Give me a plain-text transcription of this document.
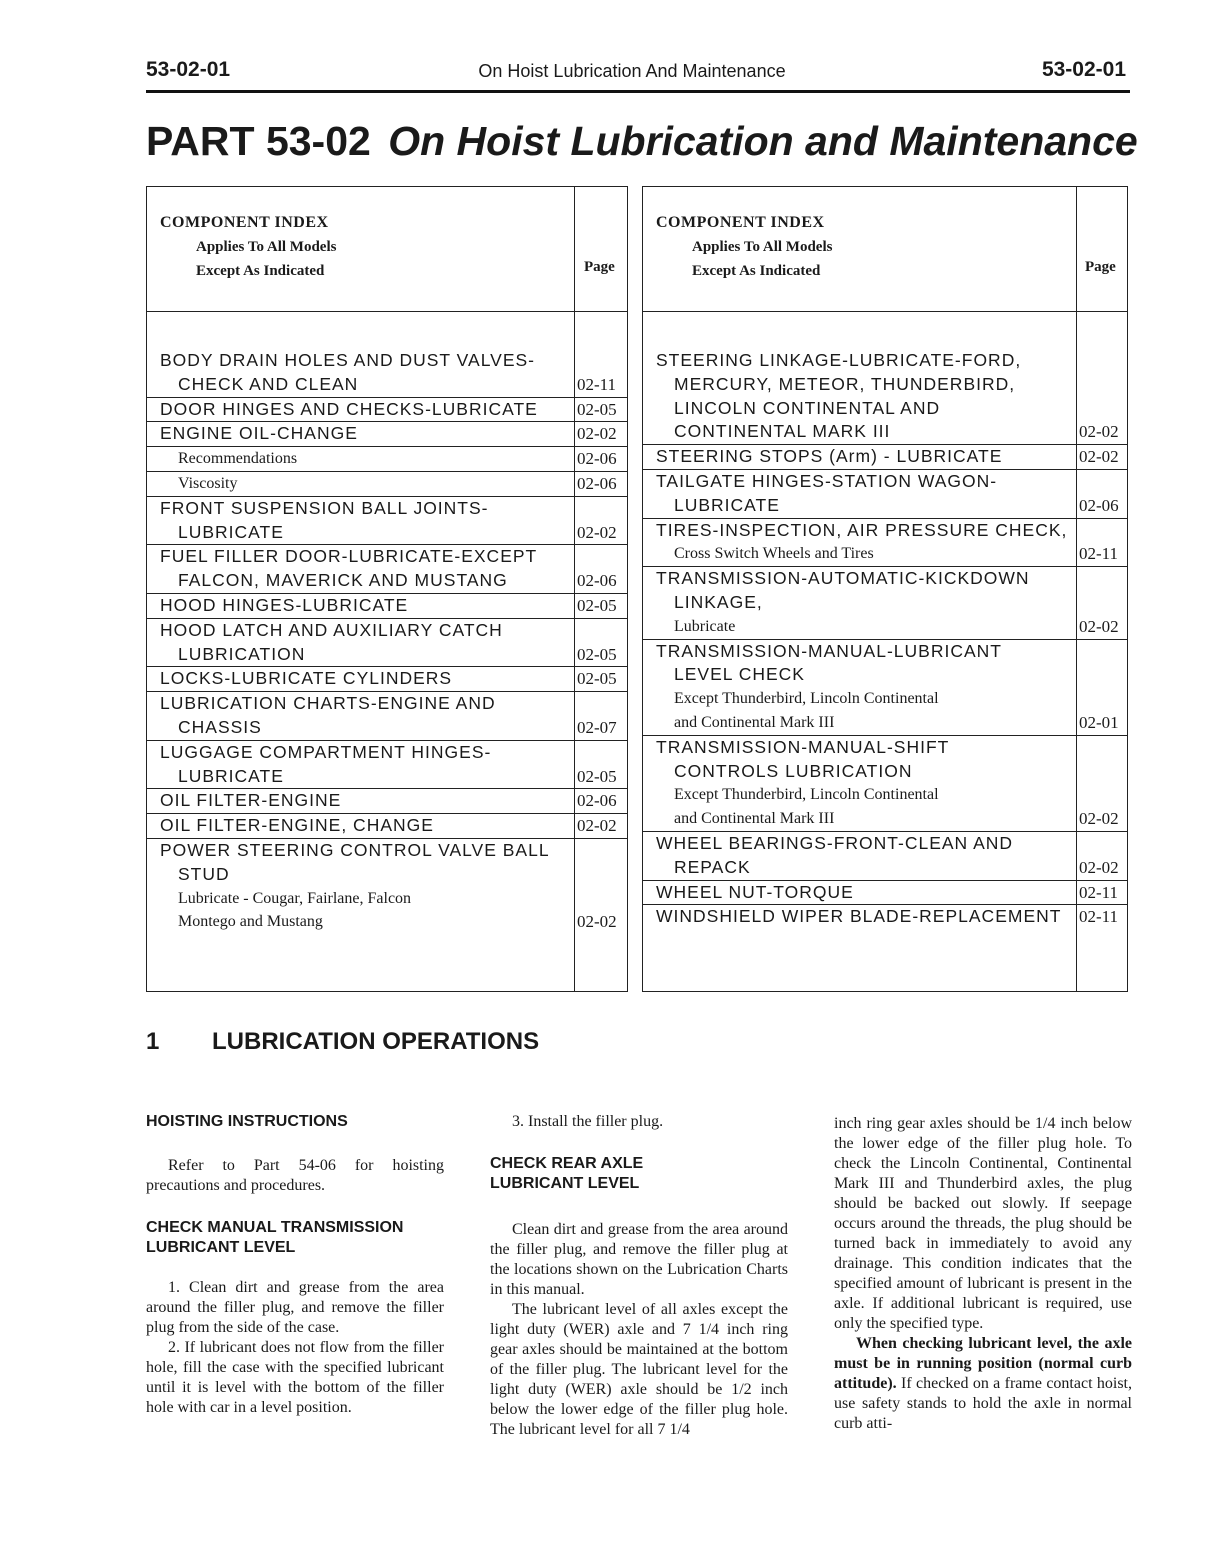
53-02-01	On Hoist Lubrication And Maintenance	53-02-01
PART 53-02 On Hoist Lubrication and Maintenance
COMPONENT INDEX
Applies To All Models
Except As Indicated	Page
BODY DRAIN HOLES AND DUST VALVES-
CHECK AND CLEAN	02-11
DOOR HINGES AND CHECKS-LUBRICATE	02-05
ENGINE OIL-CHANGE	02-02
Recommendations	02-06
Viscosity	02-06
FRONT SUSPENSION BALL JOINTS-
LUBRICATE	02-02
FUEL FILLER DOOR-LUBRICATE-EXCEPT
FALCON, MAVERICK AND MUSTANG	02-06
HOOD HINGES-LUBRICATE	02-05
HOOD LATCH AND AUXILIARY CATCH
LUBRICATION	02-05
LOCKS-LUBRICATE CYLINDERS	02-05
LUBRICATION CHARTS-ENGINE AND
CHASSIS	02-07
LUGGAGE COMPARTMENT HINGES-
LUBRICATE	02-05
OIL FILTER-ENGINE	02-06
OIL FILTER-ENGINE, CHANGE	02-02
POWER STEERING CONTROL VALVE BALL
STUD
Lubricate - Cougar, Fairlane, Falcon
Montego and Mustang	02-02
COMPONENT INDEX
Applies To All Models
Except As Indicated	Page
STEERING LINKAGE-LUBRICATE-FORD,
MERCURY, METEOR, THUNDERBIRD,
LINCOLN CONTINENTAL AND
CONTINENTAL MARK III	02-02
STEERING STOPS (Arm) - LUBRICATE	02-02
TAILGATE HINGES-STATION WAGON-
LUBRICATE	02-06
TIRES-INSPECTION, AIR PRESSURE CHECK,
Cross Switch Wheels and Tires	02-11
TRANSMISSION-AUTOMATIC-KICKDOWN
LINKAGE,
Lubricate	02-02
TRANSMISSION-MANUAL-LUBRICANT
LEVEL CHECK
Except Thunderbird, Lincoln Continental
and Continental Mark III	02-01
TRANSMISSION-MANUAL-SHIFT
CONTROLS LUBRICATION
Except Thunderbird, Lincoln Continental
and Continental Mark III	02-02
WHEEL BEARINGS-FRONT-CLEAN AND
REPACK	02-02
WHEEL NUT-TORQUE	02-11
WINDSHIELD WIPER BLADE-REPLACEMENT	02-11
1 LUBRICATION OPERATIONS
HOISTING INSTRUCTIONS

Refer to Part 54-06 for hoisting precautions and procedures.

CHECK MANUAL TRANSMISSION LUBRICANT LEVEL

1. Clean dirt and grease from the area around the filler plug, and remove the filler plug from the side of the case.

2. If lubricant does not flow from the filler hole, fill the case with the specified lubricant until it is level with the bottom of the filler hole with car in a level position.

3. Install the filler plug.

CHECK REAR AXLE LUBRICANT LEVEL

Clean dirt and grease from the area around the filler plug, and remove the filler plug at the locations shown on the Lubrication Charts in this manual.

The lubricant level of all axles except the light duty (WER) axle and 7 1/4 inch ring gear axles should be maintained at the bottom of the filler plug. The lubricant level for the light duty (WER) axle should be 1/2 inch below the lower edge of the filler plug hole. The lubricant level for all 7 1/4

inch ring gear axles should be 1/4 inch below the lower edge of the filler plug hole. To check the Lincoln Continental, Continental Mark III and Thunderbird axles, the plug should be backed out slowly. If seepage occurs around the threads, the plug should be turned back in immediately to avoid any drainage. This condition indicates that the specified amount of lubricant is present in the axle. If additional lubricant is required, use only the specified type.

When checking lubricant level, the axle must be in running position (normal curb attitude). If checked on a frame contact hoist, use safety stands to hold the axle in normal curb atti-
